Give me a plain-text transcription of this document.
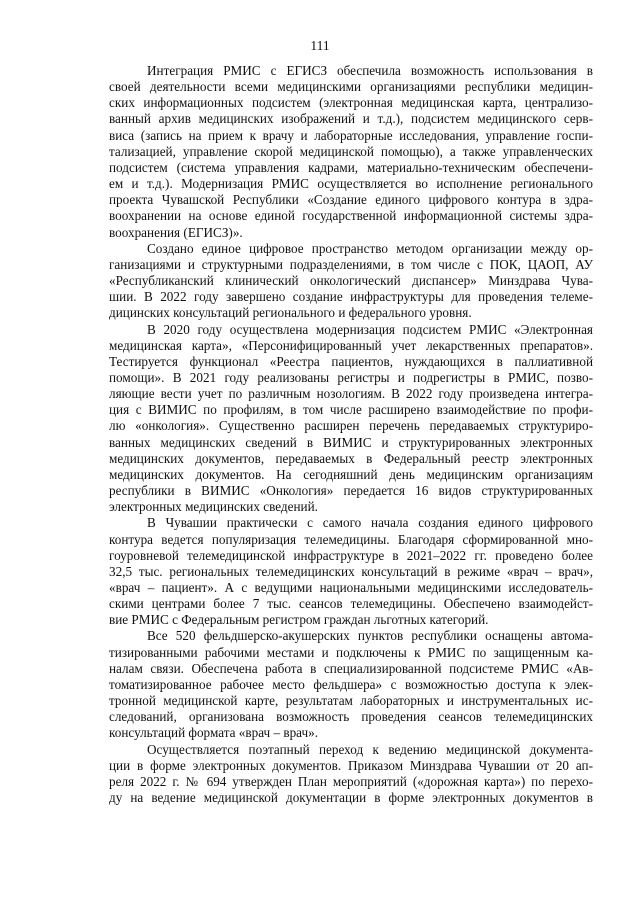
111

Интеграция РМИС с ЕГИСЗ обеспечила возможность использования в
своей деятельности всеми медицинскими организациями республики медицин-
ских информационных подсистем (электронная медицинская карта, централизо-
ванный архив медицинских изображений и т.д.), подсистем медицинского серв-
виса (запись на прием к врачу и лабораторные исследования, управление госпи-
тализацией, управление скорой медицинской помощью), а также управленческих
подсистем (система управления кадрами, материально-техническим обеспечени-
ем и т.д.). Модернизация РМИС осуществляется во исполнение регионального
проекта Чувашской Республики «Создание единого цифрового контура в здра-
воохранении на основе единой государственной информационной системы здра-
воохранения (ЕГИСЗ)».

Создано единое цифровое пространство методом организации между ор-
ганизациями и структурными подразделениями, в том числе с ПОК, ЦАОП, АУ
«Республиканский клинический онкологический диспансер» Минздрава Чува-
шии. В 2022 году завершено создание инфраструктуры для проведения телеме-
дицинских консультаций регионального и федерального уровня.

В 2020 году осуществлена модернизация подсистем РМИС «Электронная
медицинская карта», «Персонифицированный учет лекарственных препаратов».
Тестируется функционал «Реестра пациентов, нуждающихся в паллиативной
помощи». В 2021 году реализованы регистры и подрегистры в РМИС, позво-
ляющие вести учет по различным нозологиям. В 2022 году произведена интегра-
ция с ВИМИС по профилям, в том числе расширено взаимодействие по профи-
лю «онкология». Существенно расширен перечень передаваемых структуриро-
ванных медицинских сведений в ВИМИС и структурированных электронных
медицинских документов, передаваемых в Федеральный реестр электронных
медицинских документов. На сегодняшний день медицинским организациям
республики в ВИМИС «Онкология» передается 16 видов структурированных
электронных медицинских сведений.

В Чувашии практически с самого начала создания единого цифрового
контура ведется популяризация телемедицины. Благодаря сформированной мно-
гоуровневой телемедицинской инфраструктуре в 2021–2022 гг. проведено более
32,5 тыс. региональных телемедицинских консультаций в режиме «врач – врач»,
«врач – пациент». А с ведущими национальными медицинскими исследователь-
скими центрами более 7 тыс. сеансов телемедицины. Обеспечено взаимодейст-
вие РМИС с Федеральным регистром граждан льготных категорий.

Все 520 фельдшерско-акушерских пунктов республики оснащены автома-
тизированными рабочими местами и подключены к РМИС по защищенным ка-
налам связи. Обеспечена работа в специализированной подсистеме РМИС «Ав-
томатизированное рабочее место фельдшера» с возможностью доступа к элек-
тронной медицинской карте, результатам лабораторных и инструментальных ис-
следований, организована возможность проведения сеансов телемедицинских
консультаций формата «врач – врач».

Осуществляется поэтапный переход к ведению медицинской документа-
ции в форме электронных документов. Приказом Минздрава Чувашии от 20 ап-
реля 2022 г. № 694 утвержден План мероприятий («дорожная карта») по перехо-
ду на ведение медицинской документации в форме электронных документов в
